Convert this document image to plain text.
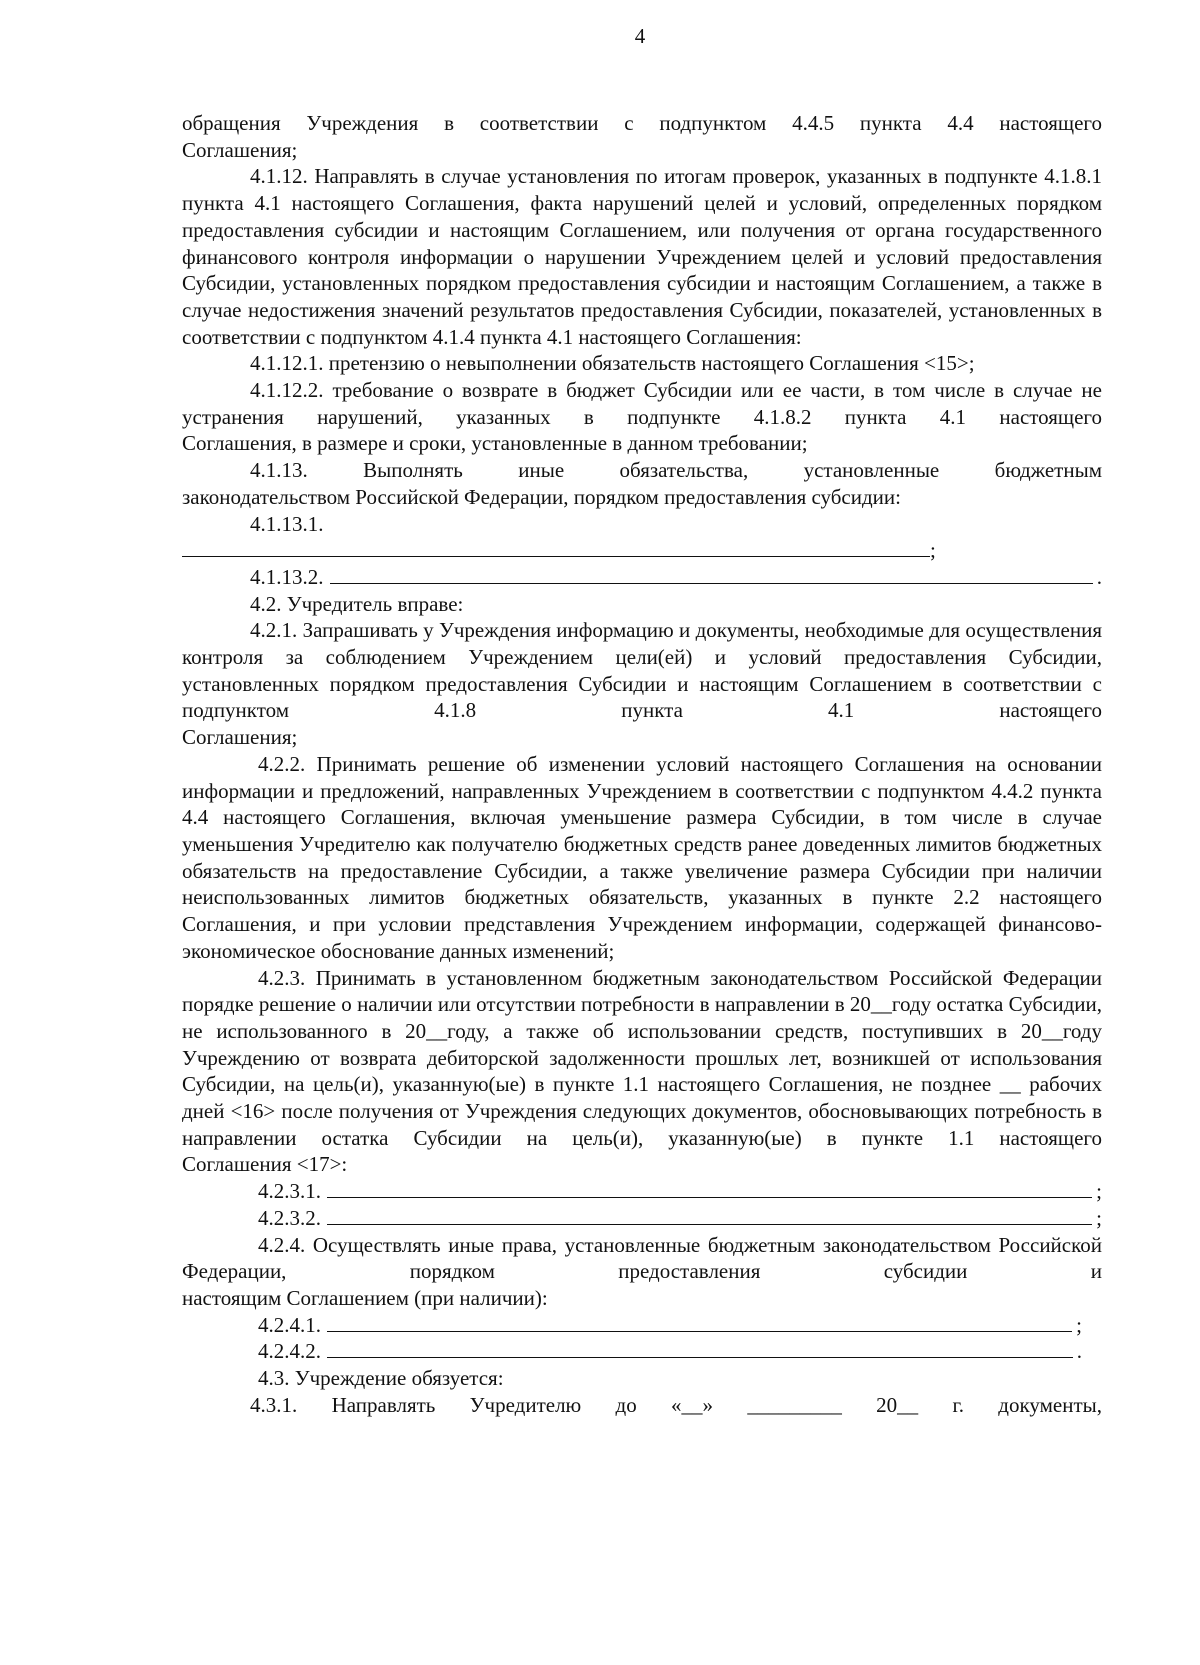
4

обращения Учреждения в соответствии с подпунктом 4.4.5 пункта 4.4 настоящего

Соглашения;

4.1.12. Направлять в случае установления по итогам проверок, указанных в подпункте 4.1.8.1 пункта 4.1 настоящего Соглашения, факта нарушений целей и условий, определенных порядком предоставления субсидии и настоящим Соглашением, или получения от органа государственного финансового контроля информации о нарушении Учреждением целей и условий предоставления Субсидии, установленных порядком предоставления субсидии и настоящим Соглашением, а также в случае недостижения значений результатов предоставления Субсидии, показателей, установленных в

соответствии с подпунктом 4.1.4 пункта 4.1 настоящего Соглашения:

4.1.12.1. претензию о невыполнении обязательств настоящего Соглашения <15>;

4.1.12.2. требование о возврате в бюджет Субсидии или ее части, в том числе в случае не устранения нарушений, указанных в подпункте 4.1.8.2 пункта 4.1 настоящего

Соглашения, в размере и сроки, установленные в данном требовании;

4.1.13. Выполнять иные обязательства, установленные бюджетным

законодательством Российской Федерации, порядком предоставления субсидии:

4.1.13.1.

;
4.1.13.2.	.

4.2. Учредитель вправе:

4.2.1. Запрашивать у Учреждения информацию и документы, необходимые для осуществления контроля за соблюдением Учреждением цели(ей) и условий предоставления Субсидии, установленных порядком предоставления Субсидии и настоящим Соглашением в соответствии с подпунктом 4.1.8 пункта 4.1 настоящего

Соглашения;

4.2.2. Принимать решение об изменении условий настоящего Соглашения на основании информации и предложений, направленных Учреждением в соответствии с подпунктом 4.4.2 пункта 4.4 настоящего Соглашения, включая уменьшение размера Субсидии, в том числе в случае уменьшения Учредителю как получателю бюджетных средств ранее доведенных лимитов бюджетных обязательств на предоставление Субсидии, а также увеличение размера Субсидии при наличии неиспользованных лимитов бюджетных обязательств, указанных в пункте 2.2 настоящего Соглашения, и при условии представления Учреждением информации, содержащей финансово-

экономическое обоснование данных изменений;

4.2.3. Принимать в установленном бюджетным законодательством Российской Федерации порядке решение о наличии или отсутствии потребности в направлении в 20__году остатка Субсидии, не использованного в 20__году, а также об использовании средств, поступивших в 20__году Учреждению от возврата дебиторской задолженности прошлых лет, возникшей от использования Субсидии, на цель(и), указанную(ые) в пункте 1.1 настоящего Соглашения, не позднее __ рабочих дней <16> после получения от Учреждения следующих документов, обосновывающих потребность в направлении остатка Субсидии на цель(и), указанную(ые) в пункте 1.1 настоящего

Соглашения <17>:

4.2.3.1.	;
4.2.3.2.	;

4.2.4. Осуществлять иные права, установленные бюджетным законодательством Российской Федерации, порядком предоставления субсидии и

настоящим Соглашением (при наличии):

4.2.4.1.	;
4.2.4.2.	.

4.3. Учреждение обязуется:

4.3.1. Направлять Учредителю до «__» _________ 20__ г. документы,
